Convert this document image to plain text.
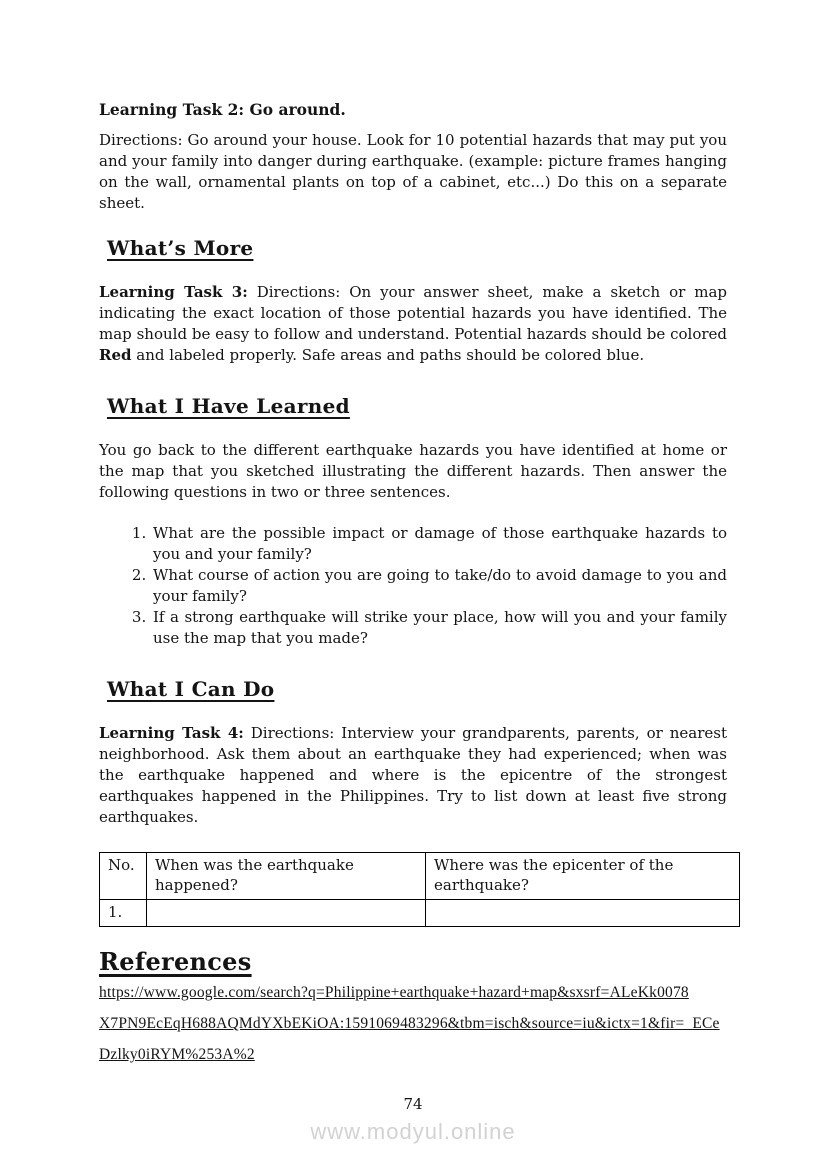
Learning Task 2: Go around.

Directions: Go around your house. Look for 10 potential hazards that may put you and your family into danger during earthquake. (example: picture frames hanging on the wall, ornamental plants on top of a cabinet, etc...) Do this on a separate sheet.

What’s More

Learning Task 3: Directions: On your answer sheet, make a sketch or map indicating the exact location of those potential hazards you have identified. The map should be easy to follow and understand. Potential hazards should be colored Red and labeled properly. Safe areas and paths should be colored blue.

What I Have Learned

You go back to the different earthquake hazards you have identified at home or the map that you sketched illustrating the different hazards. Then answer the following questions in two or three sentences.

1. What are the possible impact or damage of those earthquake hazards to you and your family?
2. What course of action you are going to take/do to avoid damage to you and your family?
3. If a strong earthquake will strike your place, how will you and your family use the map that you made?
What I Can Do

Learning Task 4: Directions: Interview your grandparents, parents, or nearest neighborhood. Ask them about an earthquake they had experienced; when was the earthquake happened and where is the epicentre of the strongest earthquakes happened in the Philippines. Try to list down at least five strong earthquakes.

No.	When was the earthquake happened?	Where was the epicenter of the earthquake?
1.		
References
https://www.google.com/search?q=Philippine+earthquake+hazard+map&sxsrf=ALeKk0078
X7PN9EcEqH688AQMdYXbEKiOA:1591069483296&tbm=isch&source=iu&ictx=1&fir=_ECe
Dzlky0iRYM%253A%2
74
www.modyul.online
